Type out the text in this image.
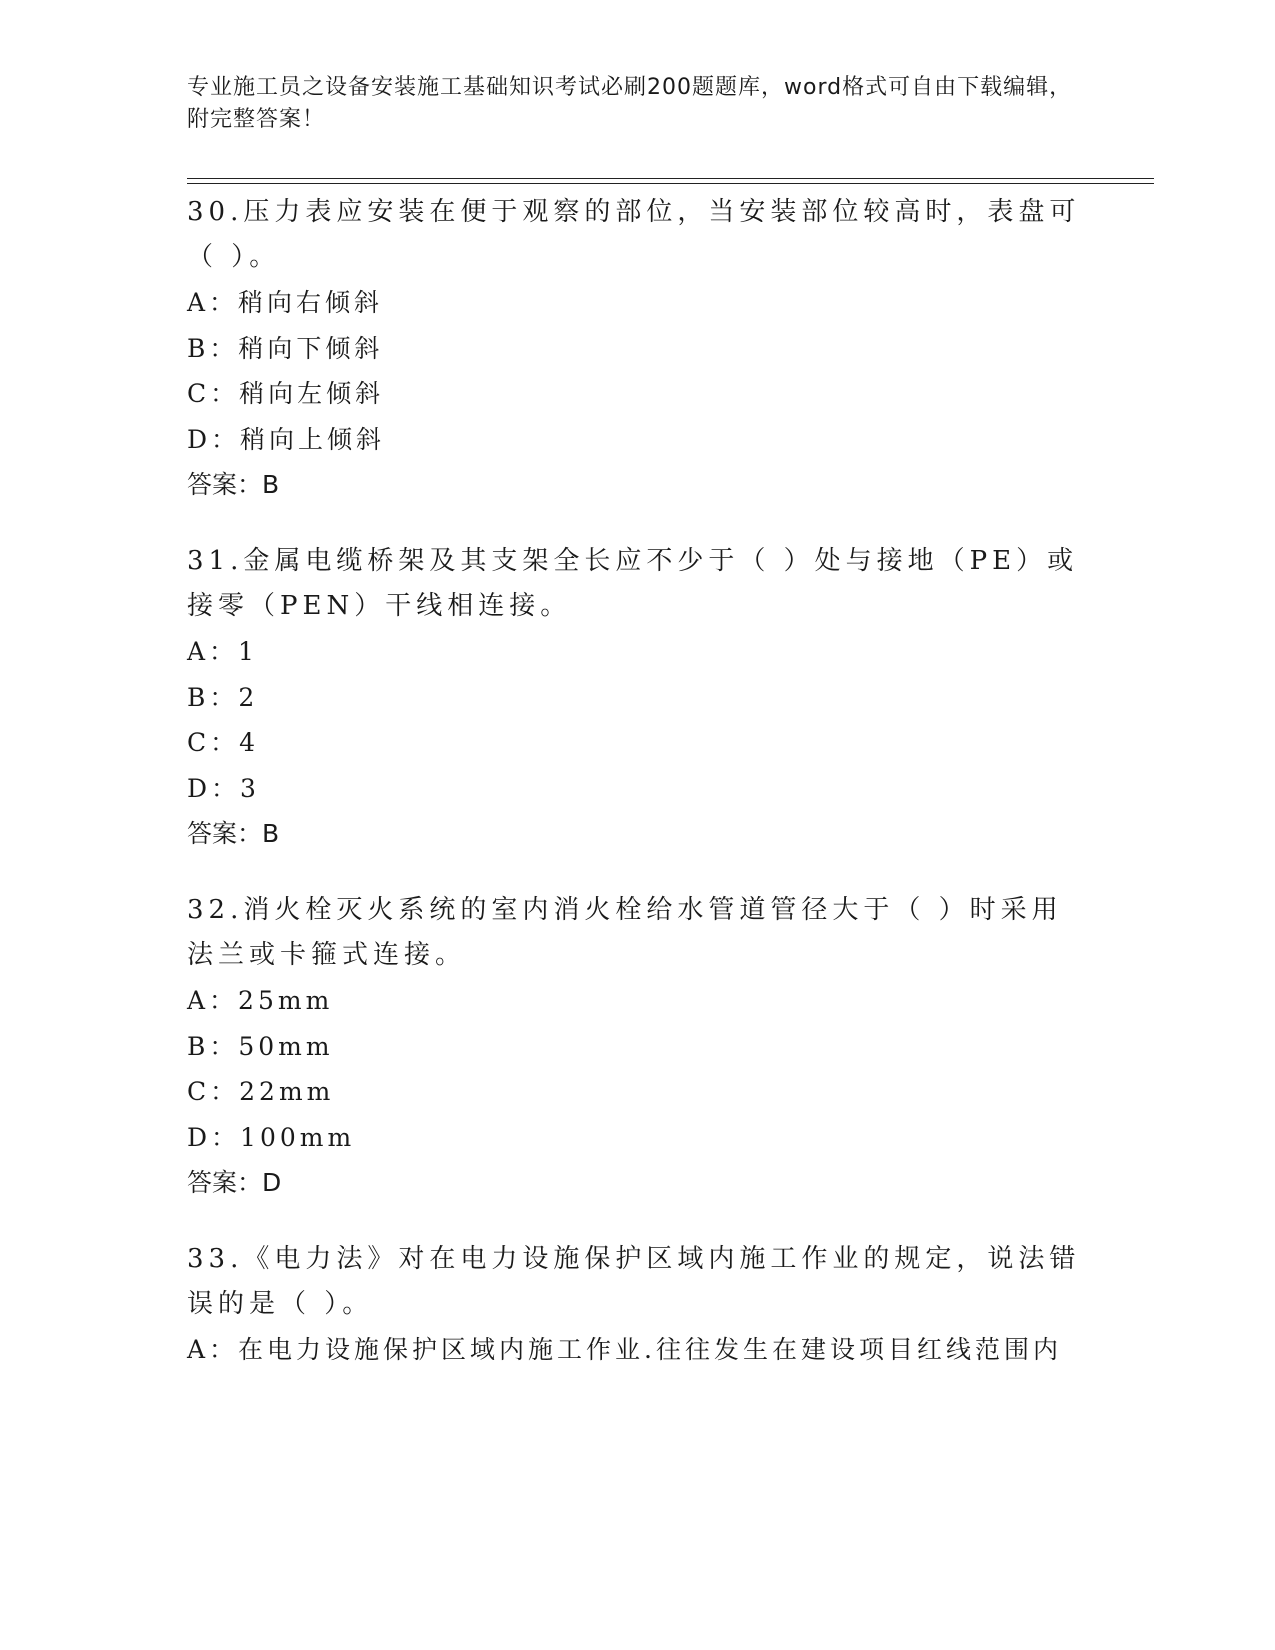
专业施工员之设备安装施工基础知识考试必刷200题题库，word格式可自由下载编辑，附完整答案！

30.压力表应安装在便于观察的部位，当安装部位较高时，表盘可（ ）。

A：稍向右倾斜

B：稍向下倾斜

C：稍向左倾斜

D：稍向上倾斜

答案：B

31.金属电缆桥架及其支架全长应不少于（ ）处与接地（PE）或接零（PEN）干线相连接。

A：1

B：2

C：4

D：3

答案：B

32.消火栓灭火系统的室内消火栓给水管道管径大于（ ）时采用法兰或卡箍式连接。

A：25mm

B：50mm

C：22mm

D：100mm

答案：D

33.《电力法》对在电力设施保护区域内施工作业的规定，说法错误的是（ ）。

A：在电力设施保护区域内施工作业.往往发生在建设项目红线范围内
